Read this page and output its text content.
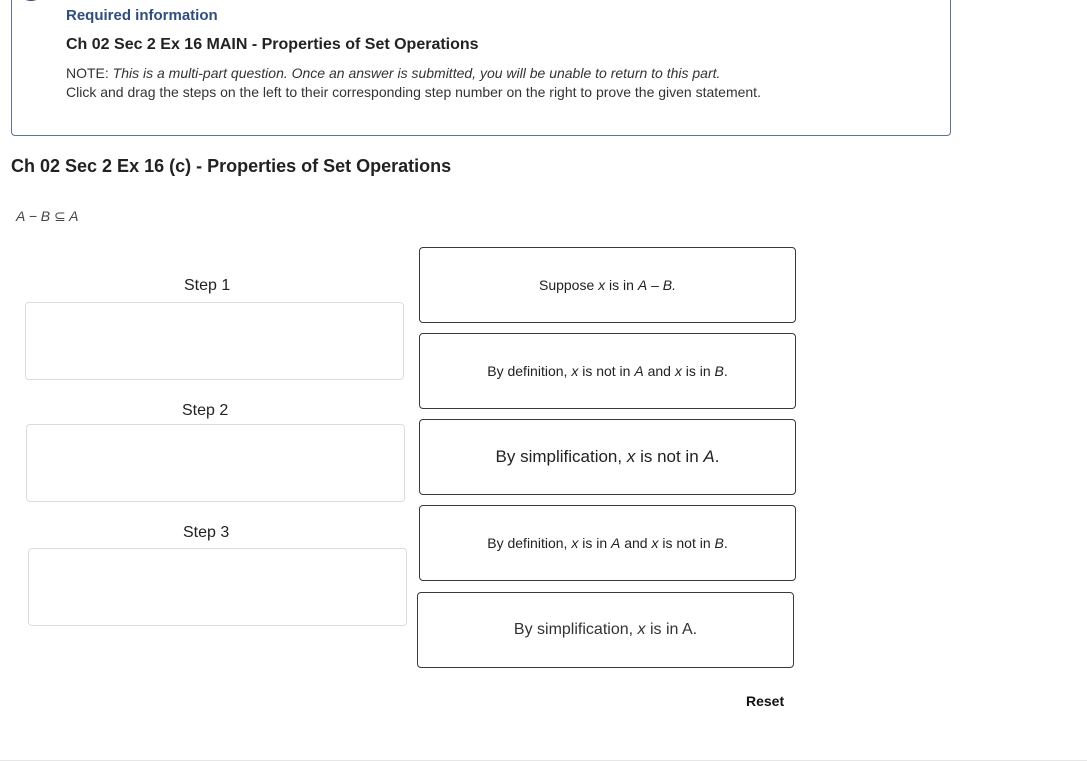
Required information
Ch 02 Sec 2 Ex 16 MAIN - Properties of Set Operations
NOTE: This is a multi-part question. Once an answer is submitted, you will be unable to return to this part.
Click and drag the steps on the left to their corresponding step number on the right to prove the given statement.
Ch 02 Sec 2 Ex 16 (c) - Properties of Set Operations
A − B ⊆ A
Step 1
Step 2
Step 3
Suppose x is in A – B.
By definition, x is not in A and x is in B.
By simplification, x is not in A.
By definition, x is in A and x is not in B.
By simplification, x is in A.
Reset
